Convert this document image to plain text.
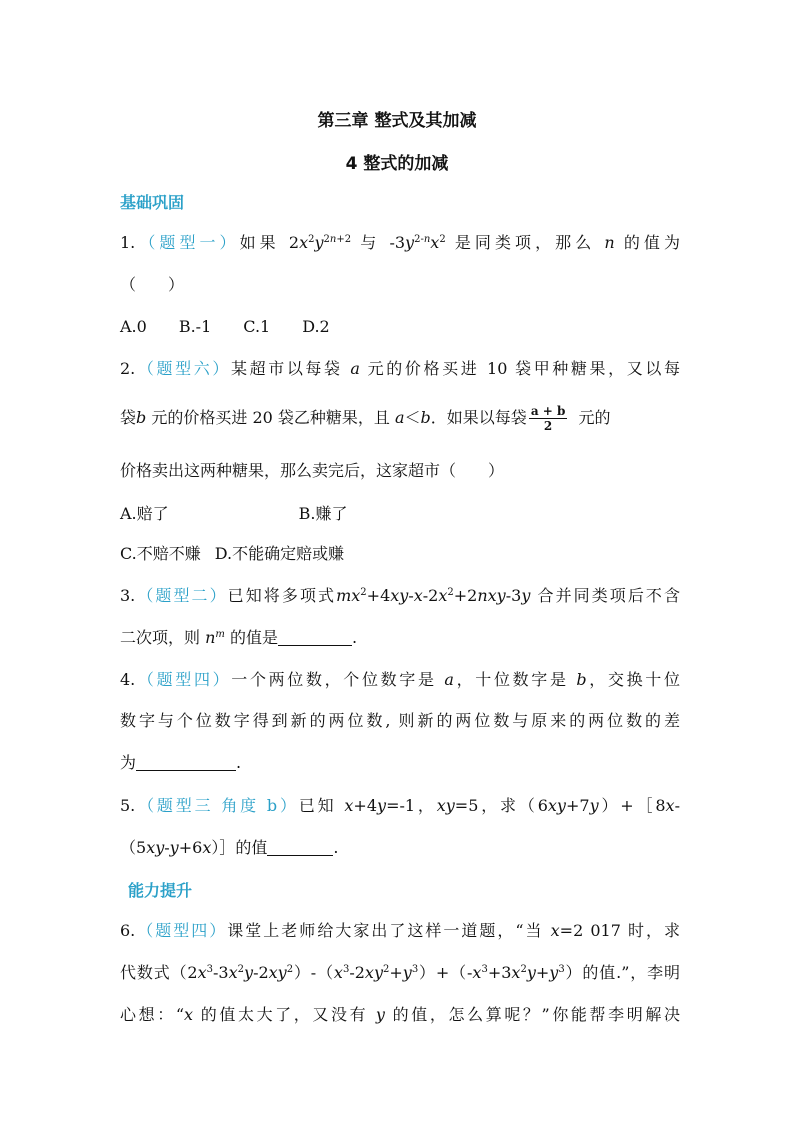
第三章 整式及其加减
4 整式的加减
基础巩固
1.（题型一）如果 $2x^2y^{2n+2}$ 与 $-3y^{2-n}x^2$ 是同类项，那么 n 的值为
（　　）
A.0 B.-1 C.1 D.2
2.（题型六）某超市以每袋 a 元的价格买进 10 袋甲种糖果，又以每
袋b 元的价格买进 20 袋乙种糖果，且 a＜b．如果以每袋 $\frac{a + b}{2}$ 元的
价格卖出这两种糖果，那么卖完后，这家超市（　　）
A.赔了	B.赚了
C.不赔不赚 D.不能确定赔或赚
3.（题型二）已知将多项式$mx^2+4xy-x-2x^2+2nxy-3y$ 合并同类项后不含
二次项，则 $n^m$ 的值是	.
4.（题型四）一个两位数，个位数字是 a，十位数字是 b，交换十位
数字与个位数字得到新的两位数, 则新的两位数与原来的两位数的差
为	.
5.（题型三 角度 b）已知 x+4y=-1，xy=5，求（6xy+7y）+［8x-
（5xy-y+6x）］的值	.
能力提升
6.（题型四）课堂上老师给大家出了这样一道题，“当 x=2 017 时，求
代数式$(2x^3-3x^2y-2xy^2)-(x^3-2xy^2+y^3)+(-x^3+3x^2y+y^3)$的值.”，李明
心想：“x 的值太大了，又没有 y 的值，怎么算呢？”你能帮李明解决
